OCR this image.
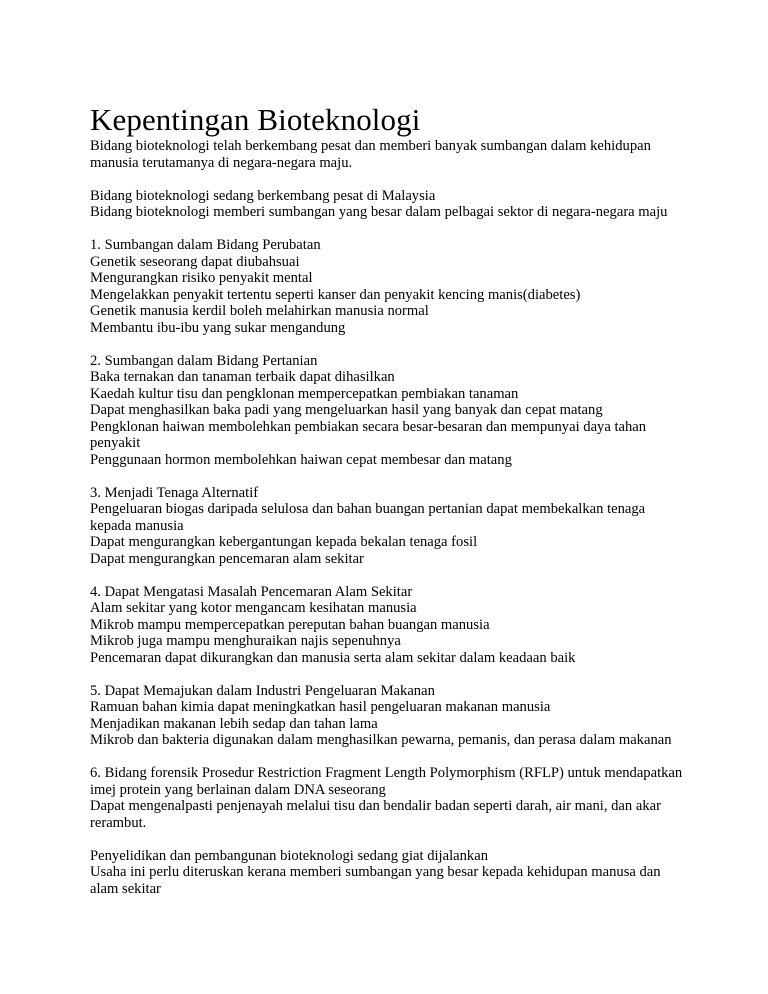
Kepentingan Bioteknologi
Bidang bioteknologi telah berkembang pesat dan memberi banyak sumbangan dalam kehidupan manusia terutamanya di negara-negara maju.
Bidang bioteknologi sedang berkembang pesat di Malaysia
Bidang bioteknologi memberi sumbangan yang besar dalam pelbagai sektor di negara-negara maju
1. Sumbangan dalam Bidang Perubatan
Genetik seseorang dapat diubahsuai
Mengurangkan risiko penyakit mental
Mengelakkan penyakit tertentu seperti kanser dan penyakit kencing manis(diabetes)
Genetik manusia kerdil boleh melahirkan manusia normal
Membantu ibu-ibu yang sukar mengandung
2. Sumbangan dalam Bidang Pertanian
Baka ternakan dan tanaman terbaik dapat dihasilkan
Kaedah kultur tisu dan pengklonan mempercepatkan pembiakan tanaman
Dapat menghasilkan baka padi yang mengeluarkan hasil yang banyak dan cepat matang
Pengklonan haiwan membolehkan pembiakan secara besar-besaran dan mempunyai daya tahan penyakit
Penggunaan hormon membolehkan haiwan cepat membesar dan matang
3. Menjadi Tenaga Alternatif
Pengeluaran biogas daripada selulosa dan bahan buangan pertanian dapat membekalkan tenaga kepada manusia
Dapat mengurangkan kebergantungan kepada bekalan tenaga fosil
Dapat mengurangkan pencemaran alam sekitar
4. Dapat Mengatasi Masalah Pencemaran Alam Sekitar
Alam sekitar yang kotor mengancam kesihatan manusia
Mikrob mampu mempercepatkan pereputan bahan buangan manusia
Mikrob juga mampu menghuraikan najis sepenuhnya
Pencemaran dapat dikurangkan dan manusia serta alam sekitar dalam keadaan baik
5. Dapat Memajukan dalam Industri Pengeluaran Makanan
Ramuan bahan kimia dapat meningkatkan hasil pengeluaran makanan manusia
Menjadikan makanan lebih sedap dan tahan lama
Mikrob dan bakteria digunakan dalam menghasilkan pewarna, pemanis, dan perasa dalam makanan
6. Bidang forensik Prosedur Restriction Fragment Length Polymorphism (RFLP) untuk mendapatkan imej protein yang berlainan dalam DNA seseorang
Dapat mengenalpasti penjenayah melalui tisu dan bendalir badan seperti darah, air mani, dan akar rerambut.
Penyelidikan dan pembangunan bioteknologi sedang giat dijalankan
Usaha ini perlu diteruskan kerana memberi sumbangan yang besar kepada kehidupan manusa dan alam sekitar
